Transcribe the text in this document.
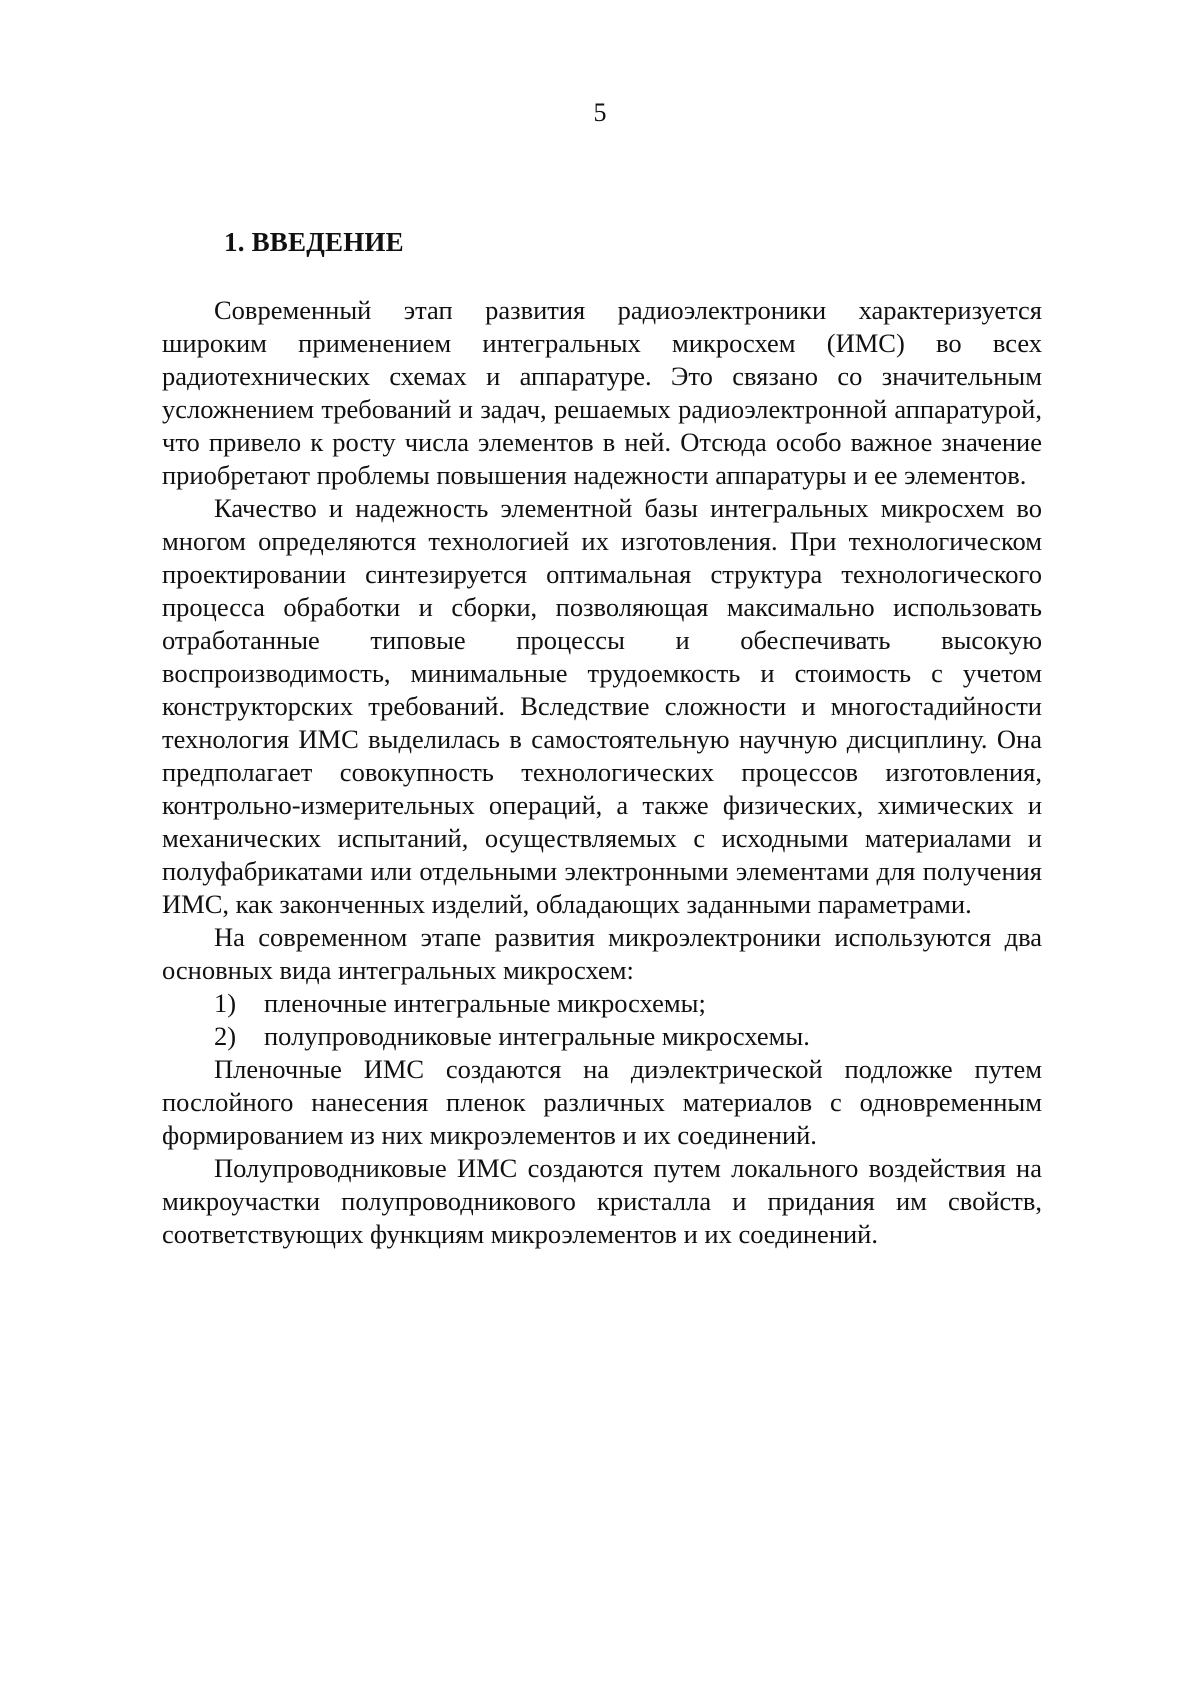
5
1. ВВЕДЕНИЕ

Современный этап развития радиоэлектроники характеризуется широким применением интегральных микросхем (ИМС) во всех радиотехнических схемах и аппаратуре. Это связано со значительным усложнением требований и задач, решаемых радиоэлектронной аппаратурой, что привело к росту числа элементов в ней. Отсюда особо важное значение приобретают проблемы повышения надежности аппаратуры и ее элементов.

Качество и надежность элементной базы интегральных микросхем во многом определяются технологией их изготовления. При технологическом проектировании синтезируется оптимальная структура технологического процесса обработки и сборки, позволяющая максимально использовать отработанные типовые процессы и обеспечивать высокую воспроизводимость, минимальные трудоемкость и стоимость с учетом конструкторских требований. Вследствие сложности и многостадийности технология ИМС выделилась в самостоятельную научную дисциплину. Она предполагает совокупность технологических процессов изготовления, контрольно-измерительных операций, а также физических, химических и механических испытаний, осуществляемых с исходными материалами и полуфабрикатами или отдельными электронными элементами для получения ИМС, как законченных изделий, обладающих заданными параметрами.

На современном этапе развития микроэлектроники используются два основных вида интегральных микросхем:

1)	пленочные интегральные микросхемы;
2)	полупроводниковые интегральные микросхемы.

Пленочные ИМС создаются на диэлектрической подложке путем послойного нанесения пленок различных материалов с одновременным формированием из них микроэлементов и их соединений.

Полупроводниковые ИМС создаются путем локального воздействия на микроучастки полупроводникового кристалла и придания им свойств, соответствующих функциям микроэлементов и их соединений.
